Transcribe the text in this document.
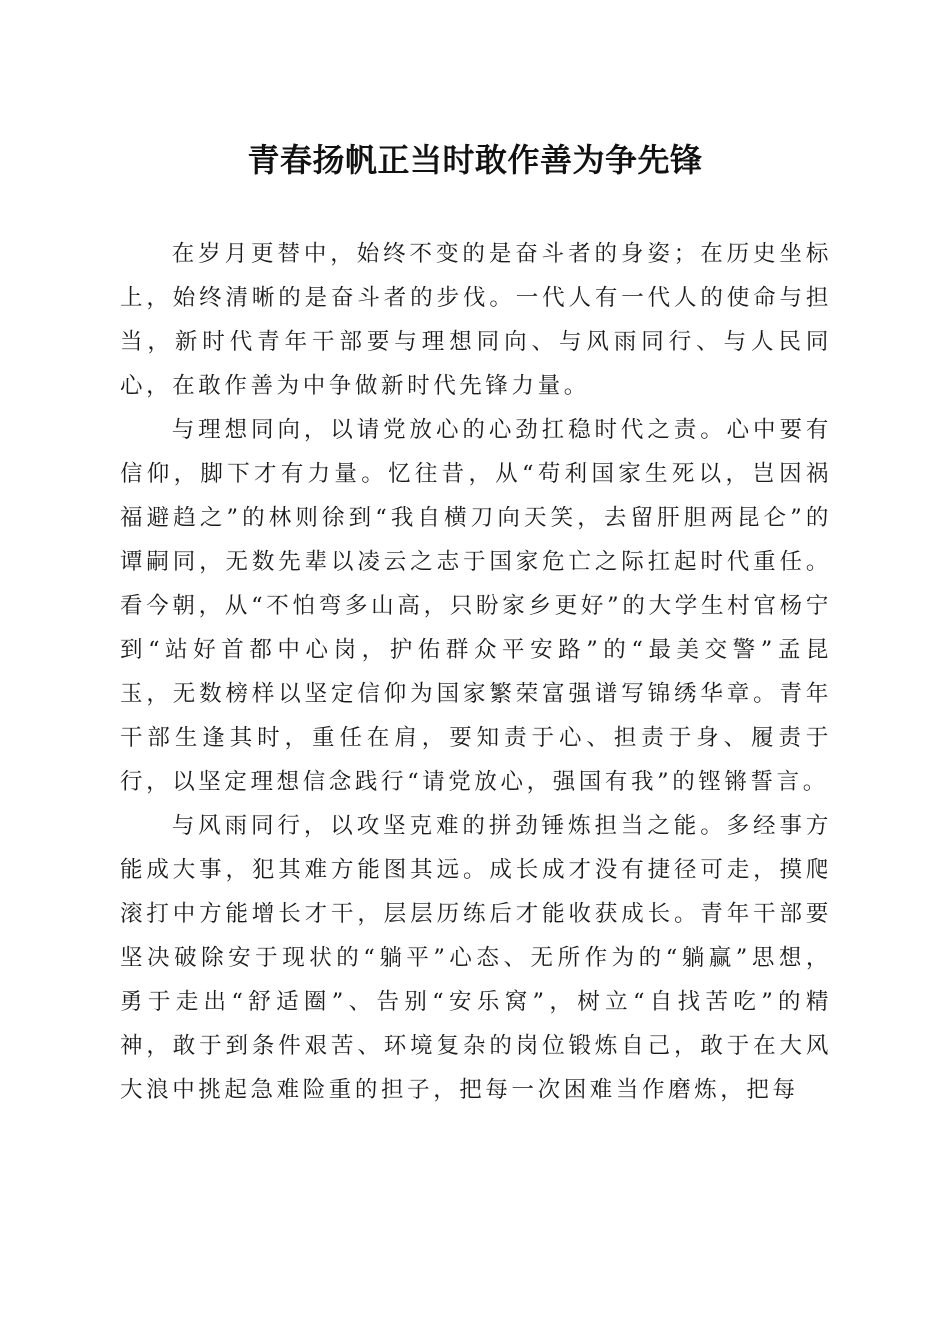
青春扬帆正当时敢作善为争先锋

在岁月更替中，始终不变的是奋斗者的身姿；在历史坐标上，始终清晰的是奋斗者的步伐。一代人有一代人的使命与担当，新时代青年干部要与理想同向、与风雨同行、与人民同心，在敢作善为中争做新时代先锋力量。

与理想同向，以请党放心的心劲扛稳时代之责。心中要有信仰，脚下才有力量。忆往昔，从“苟利国家生死以，岂因祸福避趋之”的林则徐到“我自横刀向天笑，去留肝胆两昆仑”的谭嗣同，无数先辈以凌云之志于国家危亡之际扛起时代重任。看今朝，从“不怕弯多山高，只盼家乡更好”的大学生村官杨宁到“站好首都中心岗，护佑群众平安路”的“最美交警”孟昆玉，无数榜样以坚定信仰为国家繁荣富强谱写锦绣华章。青年干部生逢其时，重任在肩，要知责于心、担责于身、履责于行，以坚定理想信念践行“请党放心，强国有我”的铿锵誓言。

与风雨同行，以攻坚克难的拼劲锤炼担当之能。多经事方能成大事，犯其难方能图其远。成长成才没有捷径可走，摸爬滚打中方能增长才干，层层历练后才能收获成长。青年干部要坚决破除安于现状的“躺平”心态、无所作为的“躺赢”思想，勇于走出“舒适圈”、告别“安乐窝”，树立“自找苦吃”的精神，敢于到条件艰苦、环境复杂的岗位锻炼自己，敢于在大风大浪中挑起急难险重的担子，把每一次困难当作磨炼，把每
